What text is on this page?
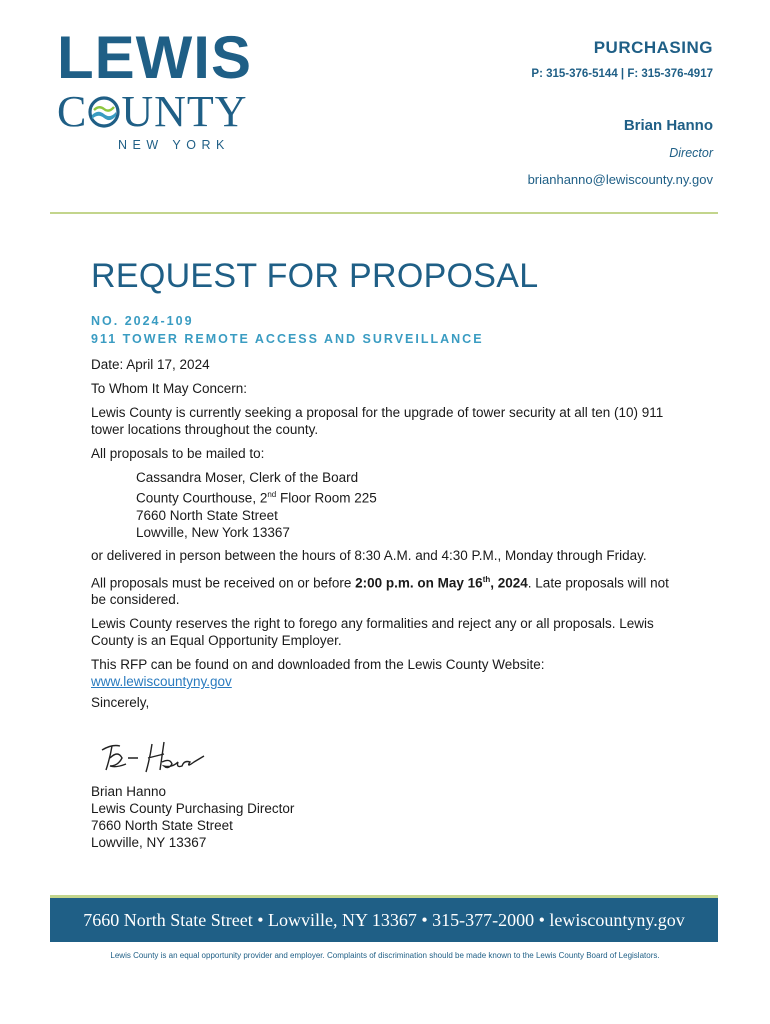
LEWIS
C UNTY
NEW YORK
PURCHASING
P: 315-376-5144 | F: 315-376-4917
Brian Hanno
Director
brianhanno@lewiscounty.ny.gov
REQUEST FOR PROPOSAL
NO. 2024-109
911 TOWER REMOTE ACCESS AND SURVEILLANCE

Date: April 17, 2024

To Whom It May Concern:

Lewis County is currently seeking a proposal for the upgrade of tower security at all ten (10) 911 tower locations throughout the county.

All proposals to be mailed to:

Cassandra Moser, Clerk of the Board
County Courthouse, 2nd Floor Room 225
7660 North State Street
Lowville, New York 13367

or delivered in person between the hours of 8:30 A.M. and 4:30 P.M., Monday through Friday.

All proposals must be received on or before 2:00 p.m. on May 16th, 2024. Late proposals will not be considered.

Lewis County reserves the right to forego any formalities and reject any or all proposals. Lewis County is an Equal Opportunity Employer.

This RFP can be found on and downloaded from the Lewis County Website:
www.lewiscountyny.gov

Sincerely,

Brian Hanno
Lewis County Purchasing Director
7660 North State Street
Lowville, NY 13367
7660 North State Street • Lowville, NY 13367 • 315-377-2000 • lewiscountyny.gov
Lewis County is an equal opportunity provider and employer. Complaints of discrimination should be made known to the Lewis County Board of Legislators.
